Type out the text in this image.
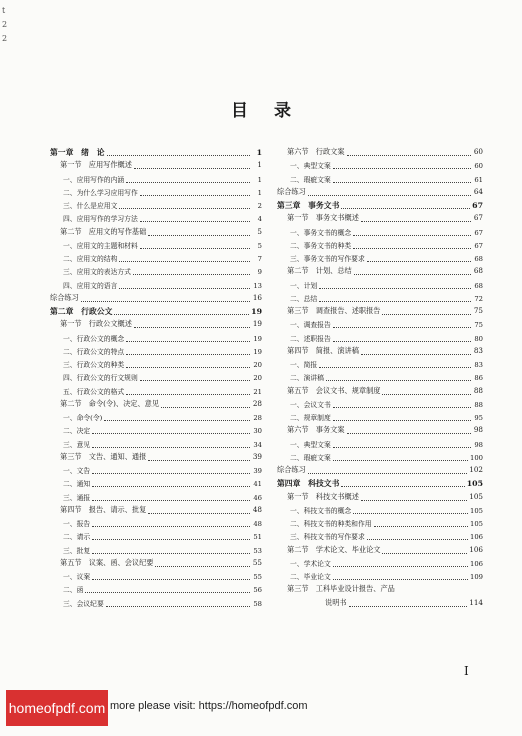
t
2
2
目 录
第一章　绪　论	1
第一节　应用写作概述	1
一、应用写作的内涵	1
二、为什么学习应用写作	1
三、什么是应用文	2
四、应用写作的学习方法	4
第二节　应用文的写作基础	5
一、应用文的主题和材料	5
二、应用文的结构	7
三、应用文的表达方式	9
四、应用文的语言	13
综合练习	16
第二章　行政公文	19
第一节　行政公文概述	19
一、行政公文的概念	19
二、行政公文的特点	19
三、行政公文的种类	20
四、行政公文的行文规则	20
五、行政公文的格式	21
第二节　命令(令)、决定、意见	28
一、命令(令)	28
二、决定	30
三、意见	34
第三节　文告、通知、通报	39
一、文告	39
二、通知	41
三、通报	46
第四节　报告、请示、批复	48
一、报告	48
二、请示	51
三、批复	53
第五节　议案、函、会议纪要	55
一、议案	55
二、函	56
三、会议纪要	58
第六节　行政文案	60
一、典型文案	60
二、瑕疵文案	61
综合练习	64
第三章　事务文书	67
第一节　事务文书概述	67
一、事务文书的概念	67
二、事务文书的种类	67
三、事务文书的写作要求	68
第二节　计划、总结	68
一、计划	68
二、总结	72
第三节　调查报告、述职报告	75
一、调查报告	75
二、述职报告	80
第四节　简报、演讲稿	83
一、简报	83
二、演讲稿	86
第五节　会议文书、规章制度	88
一、会议文书	88
二、规章制度	95
第六节　事务文案	98
一、典型文案	98
二、瑕疵文案	100
综合练习	102
第四章　科技文书	105
第一节　科技文书概述	105
一、科技文书的概念	105
二、科技文书的种类和作用	105
三、科技文书的写作要求	106
第二节　学术论文、毕业论文	106
一、学术论文	106
二、毕业论文	109
第三节　工科毕业设计报告、产品
说明书	114
I
homeofpdf.com more please visit: https://homeofpdf.com
